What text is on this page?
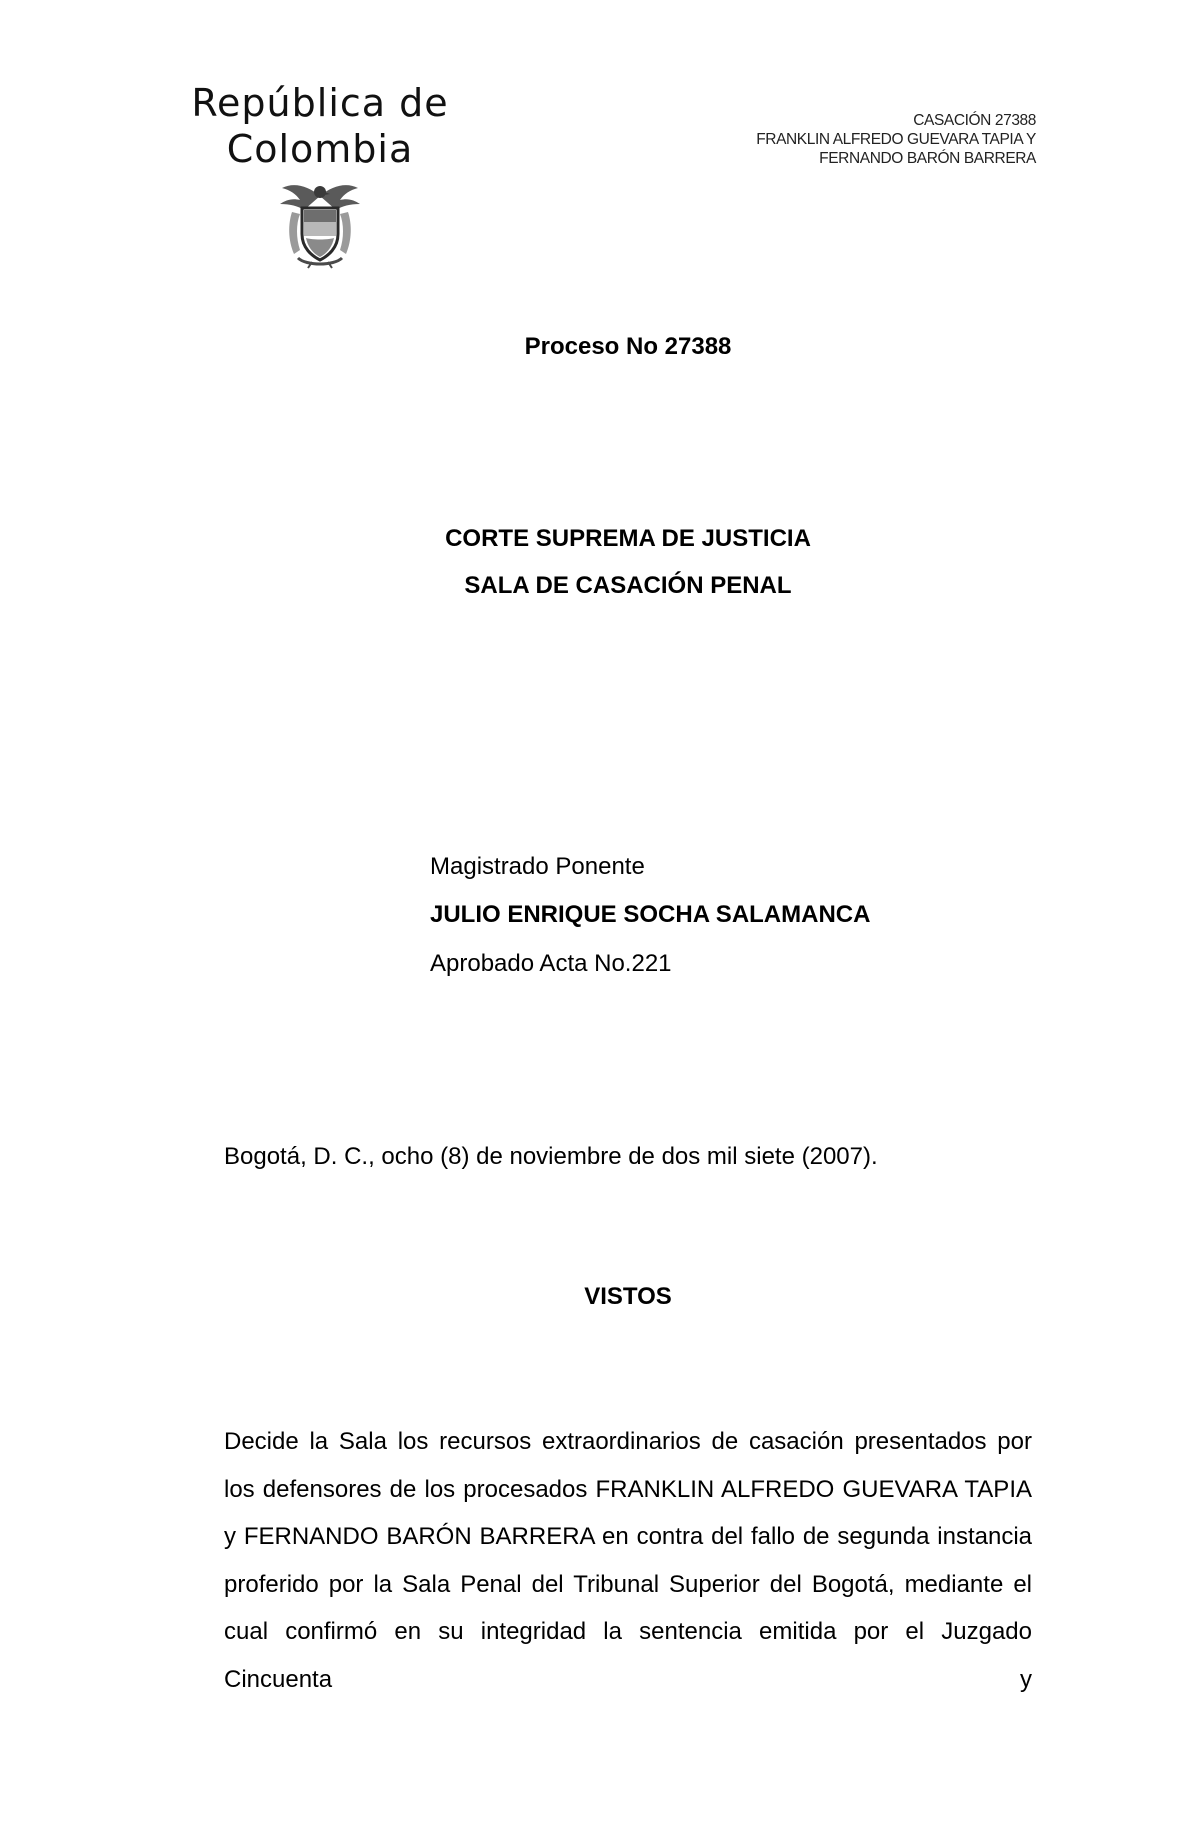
República de
Colombia
CASACIÓN 27388
FRANKLIN ALFREDO GUEVARA TAPIA Y
FERNANDO BARÓN BARRERA
Proceso No 27388
CORTE SUPREMA DE JUSTICIA
SALA DE CASACIÓN PENAL
Magistrado Ponente
JULIO ENRIQUE SOCHA SALAMANCA
Aprobado Acta No.221
Bogotá, D. C., ocho (8) de noviembre de dos mil siete (2007).
VISTOS

Decide la Sala los recursos extraordinarios de casación presentados por los defensores de los procesados FRANKLIN ALFREDO GUEVARA TAPIA y FERNANDO BARÓN BARRERA en contra del fallo de segunda instancia proferido por la Sala Penal del Tribunal Superior del Bogotá, mediante el cual confirmó en su integridad la sentencia emitida por el Juzgado Cincuenta y
